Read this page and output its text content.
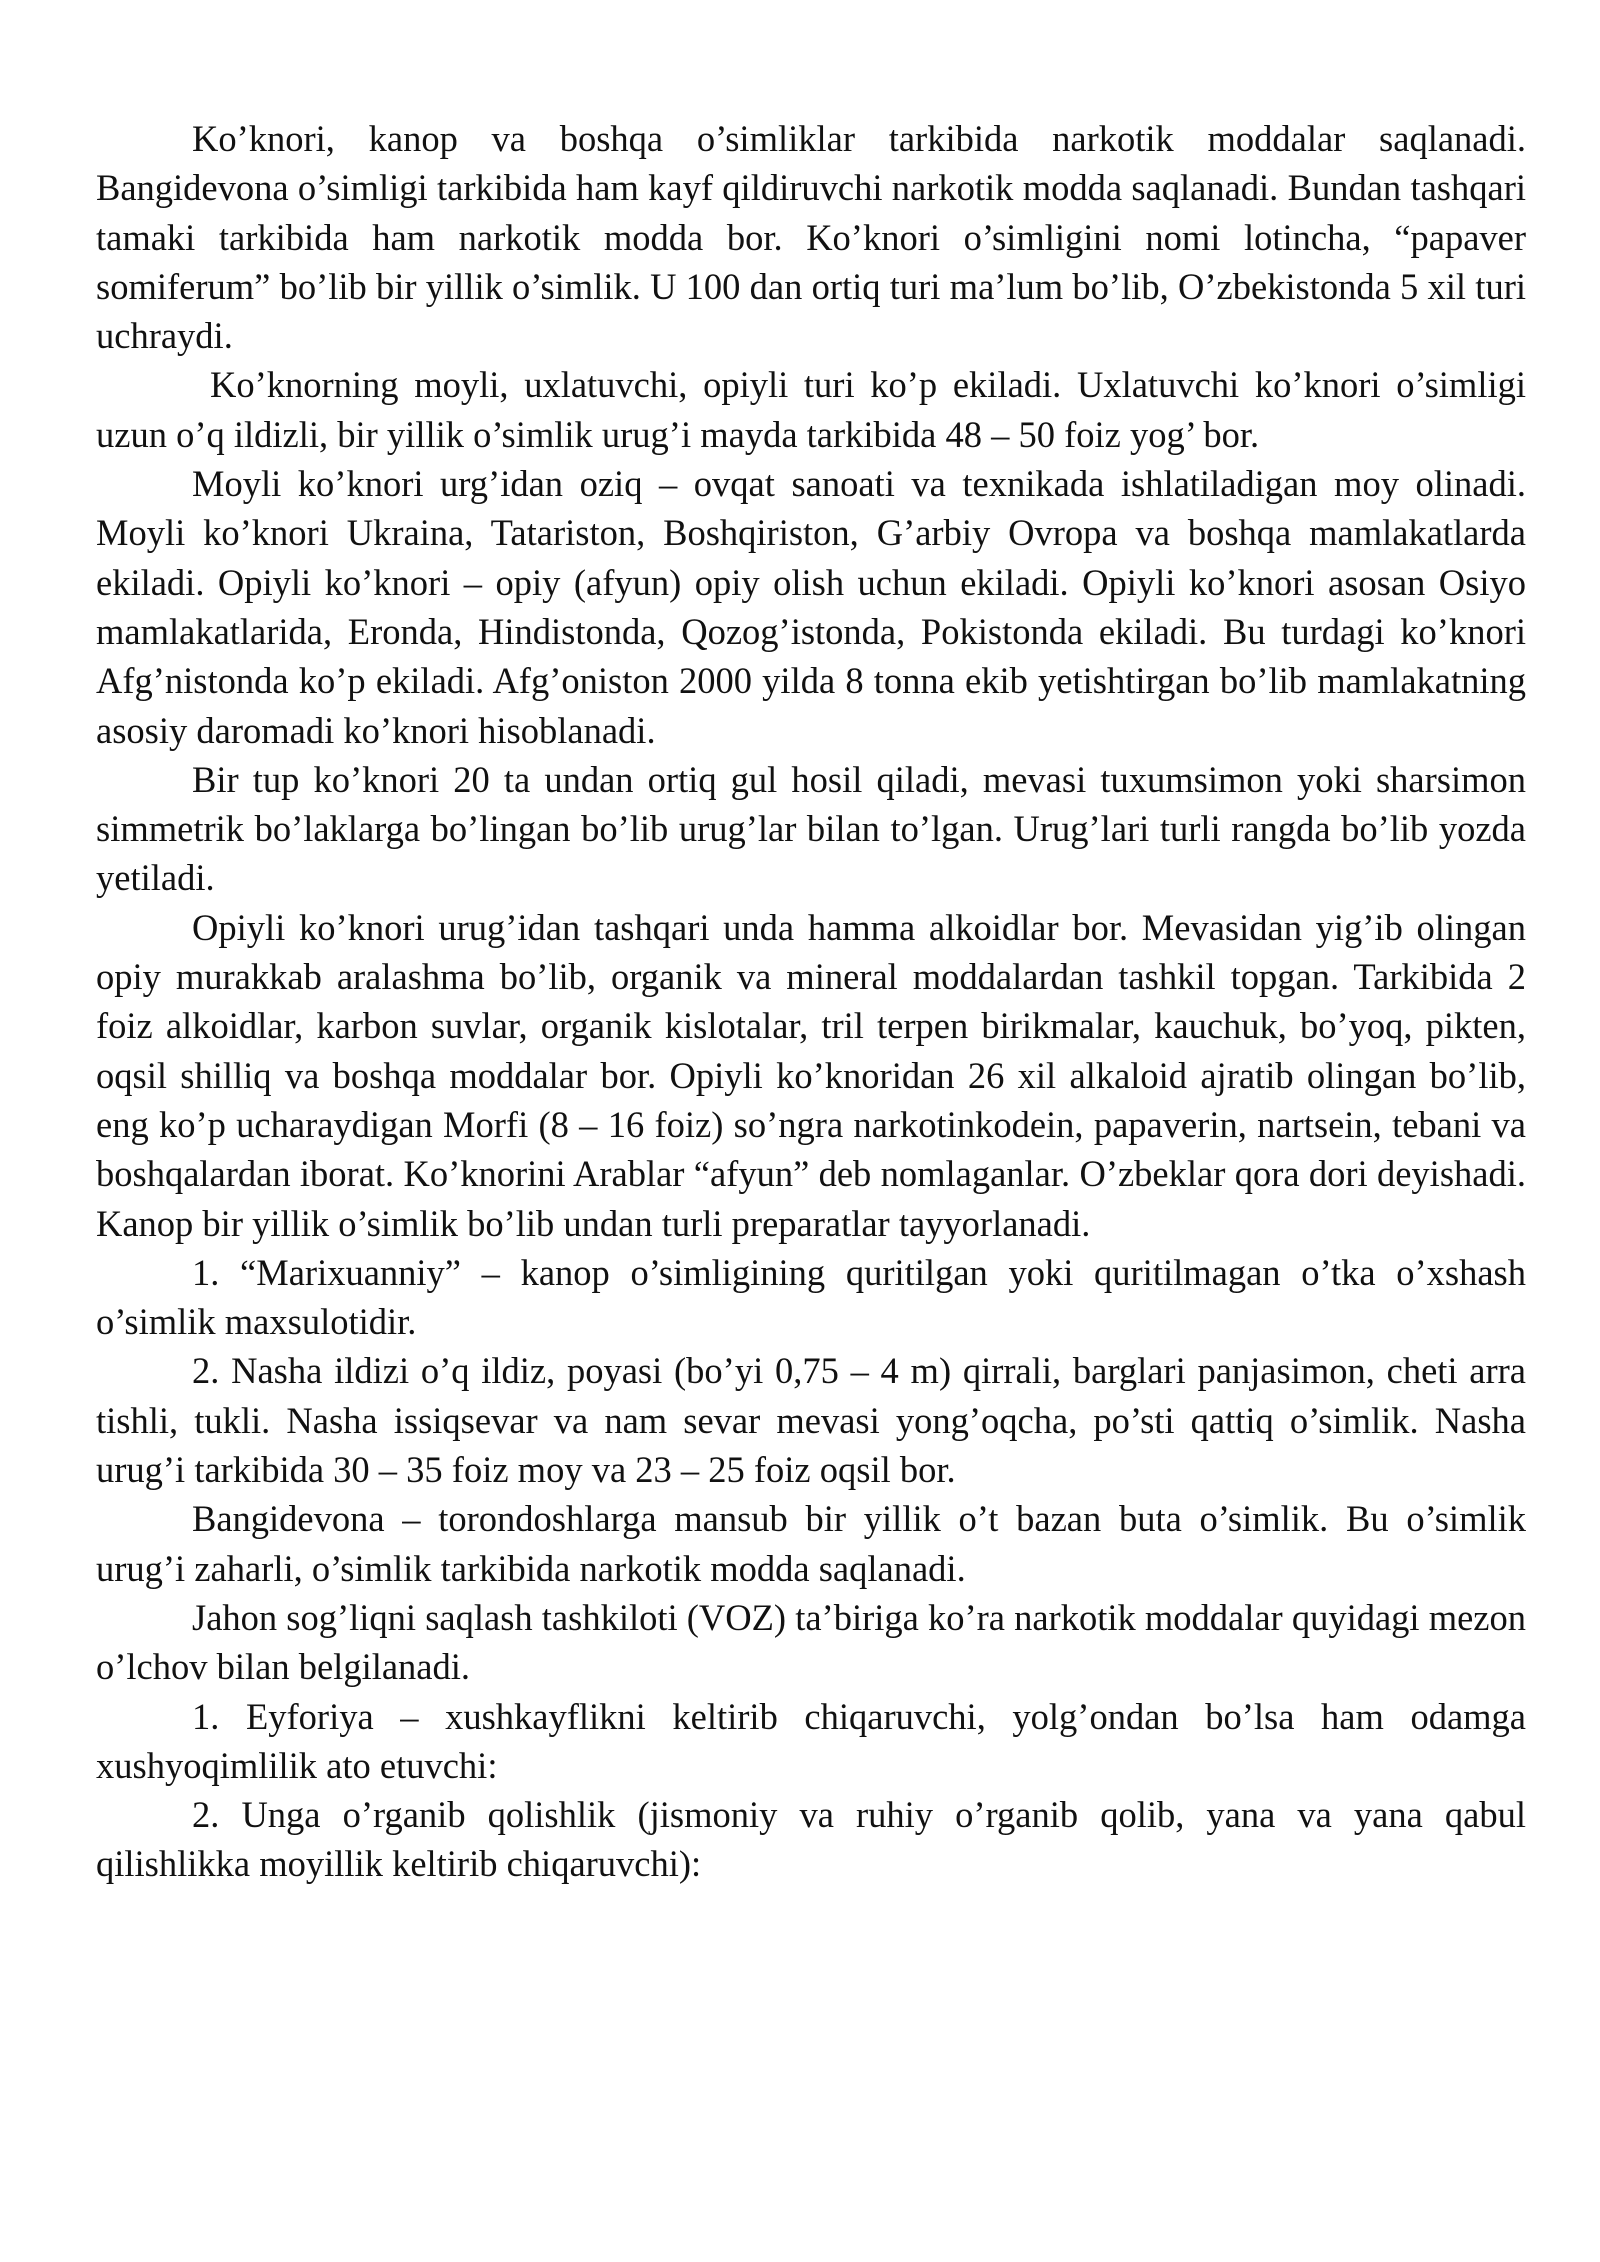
Ko’knori, kanop va boshqa o’simliklar tarkibida narkotik moddalar saqlanadi. Bangidevona o’simligi tarkibida ham kayf qildiruvchi narkotik modda saqlanadi. Bundan tashqari tamaki tarkibida ham narkotik modda bor. Ko’knori o’simligini nomi lotincha, “papaver somiferum” bo’lib bir yillik o’simlik. U 100 dan ortiq turi ma’lum bo’lib, O’zbekistonda 5 xil turi uchraydi.

Ko’knorning moyli, uxlatuvchi, opiyli turi ko’p ekiladi. Uxlatuvchi ko’knori o’simligi uzun o’q ildizli, bir yillik o’simlik urug’i mayda tarkibida 48 – 50 foiz yog’ bor.

Moyli ko’knori urg’idan oziq – ovqat sanoati va texnikada ishlatiladigan moy olinadi. Moyli ko’knori Ukraina, Tatariston, Boshqiriston, G’arbiy Ovropa va boshqa mamlakatlarda ekiladi. Opiyli ko’knori – opiy (afyun) opiy olish uchun ekiladi. Opiyli ko’knori asosan Osiyo mamlakatlarida, Eronda, Hindistonda, Qozog’istonda, Pokistonda ekiladi. Bu turdagi ko’knori Afg’nistonda ko’p ekiladi. Afg’oniston 2000 yilda 8 tonna ekib yetishtirgan bo’lib mamlakatning asosiy daromadi ko’knori hisoblanadi.

Bir tup ko’knori 20 ta undan ortiq gul hosil qiladi, mevasi tuxumsimon yoki sharsimon simmetrik bo’laklarga bo’lingan bo’lib urug’lar bilan to’lgan. Urug’lari turli rangda bo’lib yozda yetiladi.

Opiyli ko’knori urug’idan tashqari unda hamma alkoidlar bor. Mevasidan yig’ib olingan opiy murakkab aralashma bo’lib, organik va mineral moddalardan tashkil topgan. Tarkibida 2 foiz alkoidlar, karbon suvlar, organik kislotalar, tril terpen birikmalar, kauchuk, bo’yoq, pikten, oqsil shilliq va boshqa moddalar bor. Opiyli ko’knoridan 26 xil alkaloid ajratib olingan bo’lib, eng ko’p ucharaydigan Morfi (8 – 16 foiz) so’ngra narkotinkodein, papaverin, nartsein, tebani va boshqalardan iborat. Ko’knorini Arablar “afyun” deb nomlaganlar. O’zbeklar qora dori deyishadi. Kanop bir yillik o’simlik bo’lib undan turli preparatlar tayyorlanadi.

1. “Marixuanniy” – kanop o’simligining quritilgan yoki quritilmagan o’tka o’xshash o’simlik maxsulotidir.

2. Nasha ildizi o’q ildiz, poyasi (bo’yi 0,75 – 4 m) qirrali, barglari panjasimon, cheti arra tishli, tukli. Nasha issiqsevar va nam sevar mevasi yong’oqcha, po’sti qattiq o’simlik. Nasha urug’i tarkibida 30 – 35 foiz moy va 23 – 25 foiz oqsil bor.

Bangidevona – torondoshlarga mansub bir yillik o’t bazan buta o’simlik. Bu o’simlik urug’i zaharli, o’simlik tarkibida narkotik modda saqlanadi.

Jahon sog’liqni saqlash tashkiloti (VOZ) ta’biriga ko’ra narkotik moddalar quyidagi mezon o’lchov bilan belgilanadi.

1. Eyforiya – xushkayflikni keltirib chiqaruvchi, yolg’ondan bo’lsa ham odamga xushyoqimlilik ato etuvchi:

2. Unga o’rganib qolishlik (jismoniy va ruhiy o’rganib qolib, yana va yana qabul qilishlikka moyillik keltirib chiqaruvchi):
